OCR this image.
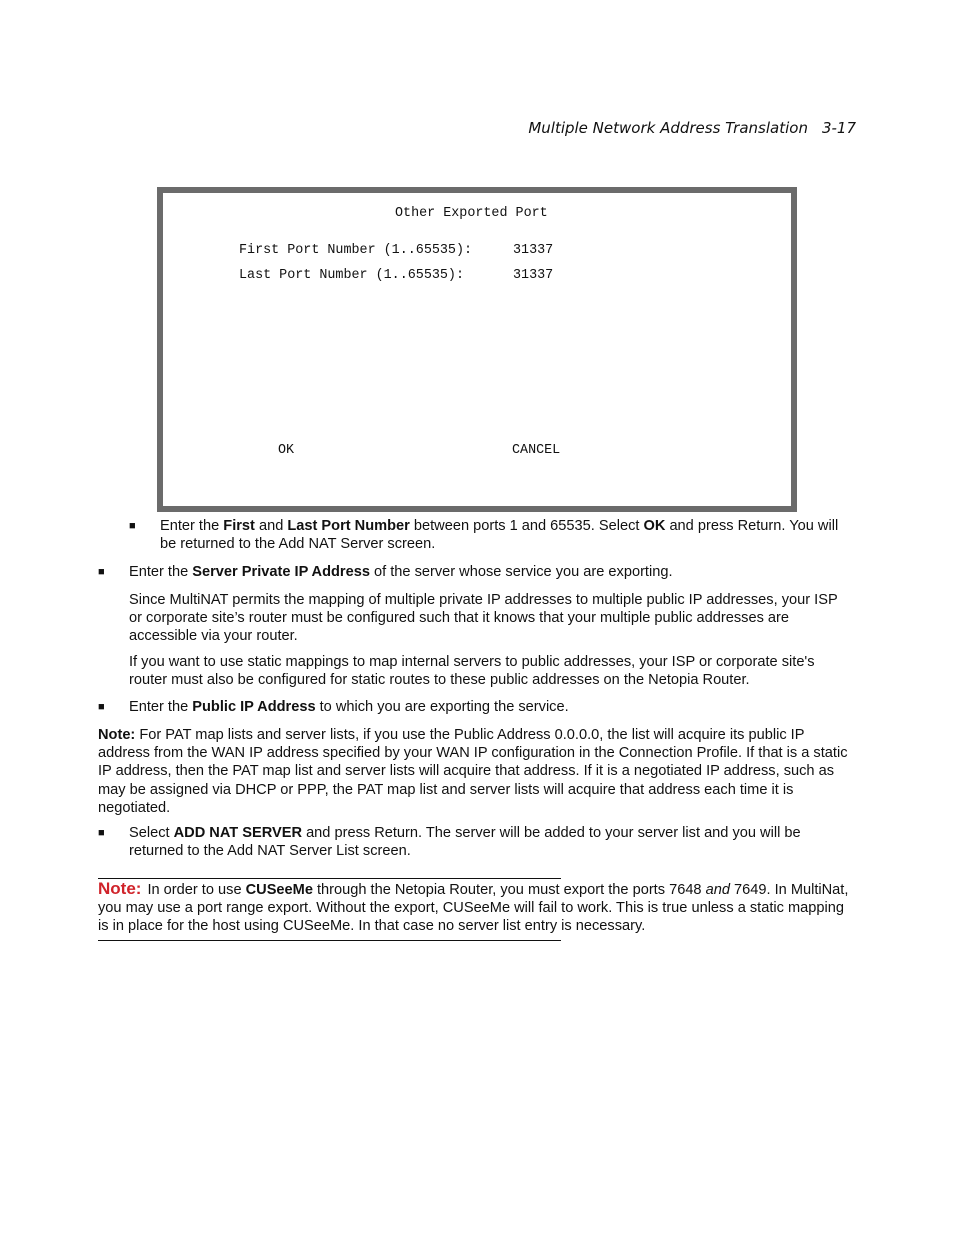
Multiple Network Address Translation 3-17
Other Exported Port
First Port Number (1..65535):	31337
Last Port Number (1..65535):	31337
OK	CANCEL
■ Enter the First and Last Port Number between ports 1 and 65535. Select OK and press Return. You will be returned to the Add NAT Server screen.

■ Enter the Server Private IP Address of the server whose service you are exporting.

Since MultiNAT permits the mapping of multiple private IP addresses to multiple public IP addresses, your ISP or corporate site’s router must be configured such that it knows that your multiple public addresses are accessible via your router.

If you want to use static mappings to map internal servers to public addresses, your ISP or corporate site's router must also be configured for static routes to these public addresses on the Netopia Router.

■ Enter the Public IP Address to which you are exporting the service.

Note: For PAT map lists and server lists, if you use the Public Address 0.0.0.0, the list will acquire its public IP address from the WAN IP address specified by your WAN IP configuration in the Connection Profile. If that is a static IP address, then the PAT map list and server lists will acquire that address. If it is a negotiated IP address, such as may be assigned via DHCP or PPP, the PAT map list and server lists will acquire that address each time it is negotiated.

■ Select ADD NAT SERVER and press Return. The server will be added to your server list and you will be returned to the Add NAT Server List screen.

Note: In order to use CUSeeMe through the Netopia Router, you must export the ports 7648 and 7649. In MultiNat, you may use a port range export. Without the export, CUSeeMe will fail to work. This is true unless a static mapping is in place for the host using CUSeeMe. In that case no server list entry is necessary.
